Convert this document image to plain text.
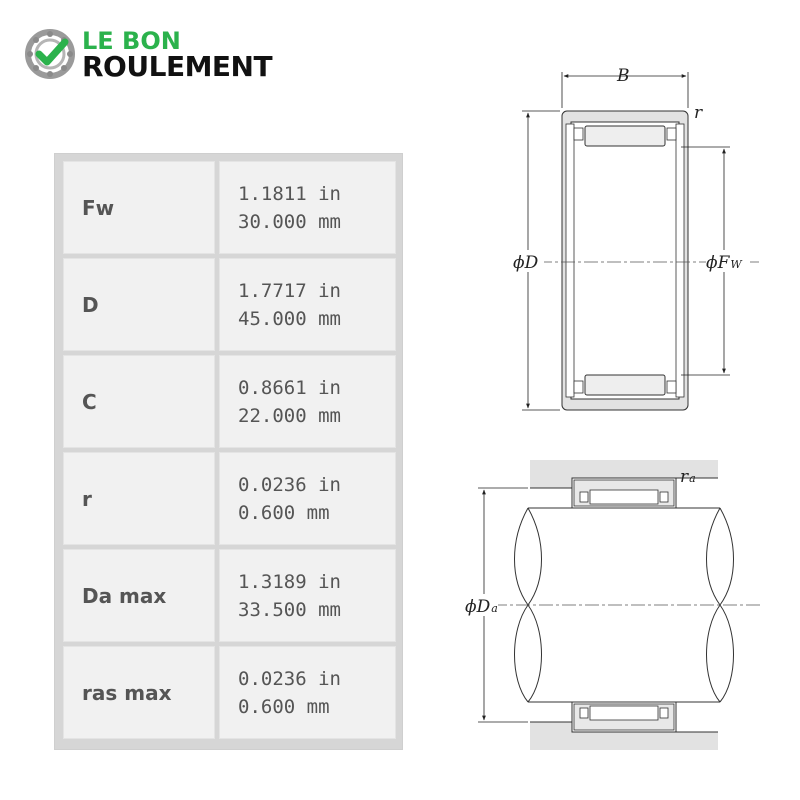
LE BON
ROULEMENT
Fw
1.1811 in
30.000 mm
D
1.7717 in
45.000 mm
C
0.8661 in
22.000 mm
r
0.0236 in
0.600 mm
Da max
1.3189 in
33.500 mm
ras max
0.0236 in
0.600 mm
B
r
ϕD	ϕFW
ra
ϕDa
